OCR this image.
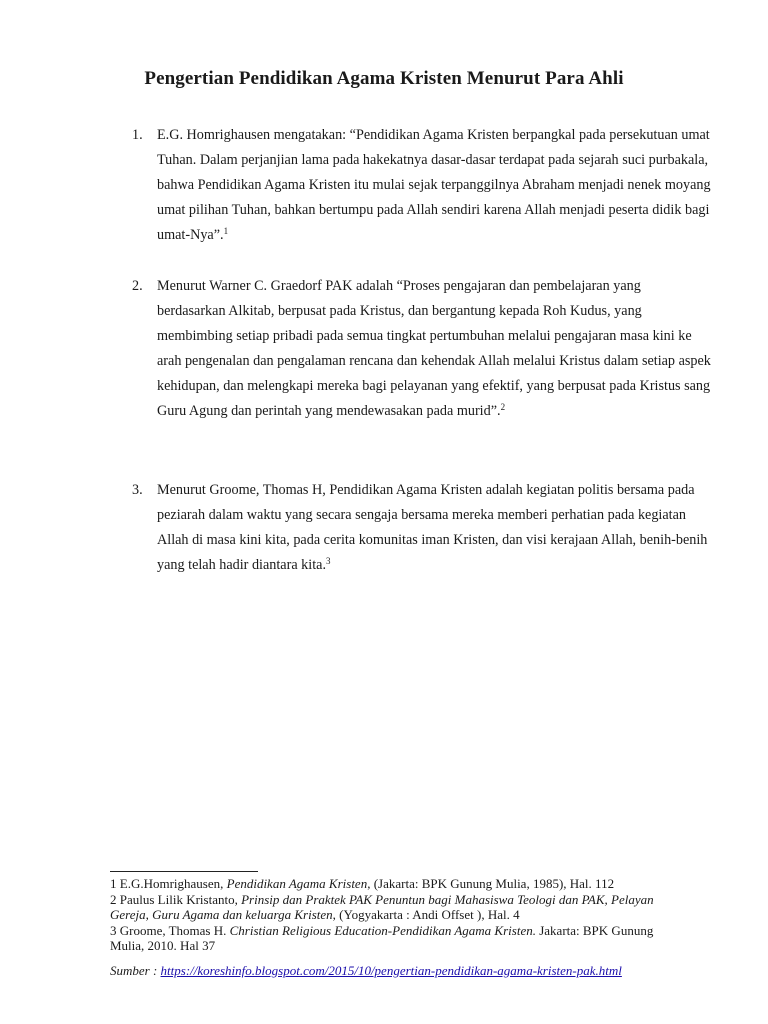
Pengertian Pendidikan Agama Kristen Menurut Para Ahli
1. E.G. Homrighausen mengatakan: “Pendidikan Agama Kristen berpangkal pada persekutuan umat Tuhan. Dalam perjanjian lama pada hakekatnya dasar-dasar terdapat pada sejarah suci purbakala, bahwa Pendidikan Agama Kristen itu mulai sejak terpanggilnya Abraham menjadi nenek moyang umat pilihan Tuhan, bahkan bertumpu pada Allah sendiri karena Allah menjadi peserta didik bagi umat-Nya”.$^1$
2. Menurut Warner C. Graedorf PAK adalah “Proses pengajaran dan pembelajaran yang berdasarkan Alkitab, berpusat pada Kristus, dan bergantung kepada Roh Kudus, yang membimbing setiap pribadi pada semua tingkat pertumbuhan melalui pengajaran masa kini ke arah pengenalan dan pengalaman rencana dan kehendak Allah melalui Kristus dalam setiap aspek kehidupan, dan melengkapi mereka bagi pelayanan yang efektif, yang berpusat pada Kristus sang Guru Agung dan perintah yang mendewasakan pada murid”.$^2$
3. Menurut Groome, Thomas H, Pendidikan Agama Kristen adalah kegiatan politis bersama pada peziarah dalam waktu yang secara sengaja bersama mereka memberi perhatian pada kegiatan Allah di masa kini kita, pada cerita komunitas iman Kristen, dan visi kerajaan Allah, benih-benih yang telah hadir diantara kita.$^3$
1 E.G.Homrighausen, Pendidikan Agama Kristen, (Jakarta: BPK Gunung Mulia, 1985), Hal. 112
2 Paulus Lilik Kristanto, Prinsip dan Praktek PAK Penuntun bagi Mahasiswa Teologi dan PAK, Pelayan Gereja, Guru Agama dan keluarga Kristen, (Yogyakarta : Andi Offset ), Hal. 4
3 Groome, Thomas H. Christian Religious Education-Pendidikan Agama Kristen. Jakarta: BPK Gunung Mulia, 2010. Hal 37
Sumber : https://koreshinfo.blogspot.com/2015/10/pengertian-pendidikan-agama-kristen-pak.html
